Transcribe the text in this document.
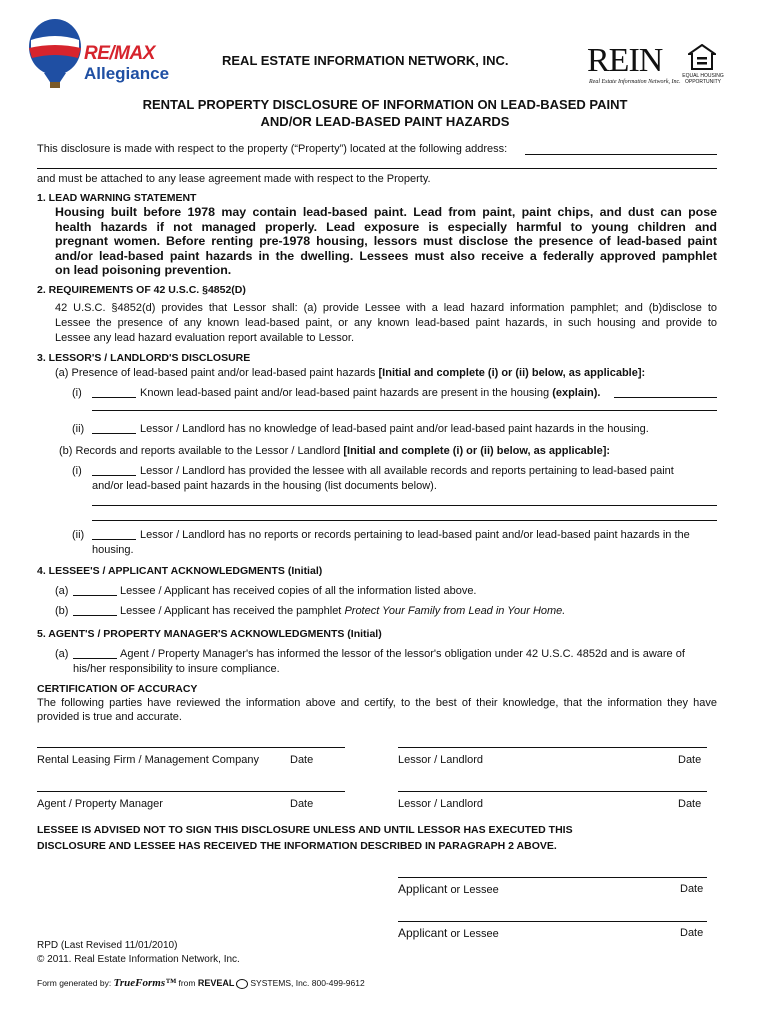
RE/MAX
Allegiance
REAL ESTATE INFORMATION NETWORK, INC. REIN
Real Estate Information Network, Inc.
EQUAL HOUSING OPPORTUNITY
RENTAL PROPERTY DISCLOSURE OF INFORMATION ON LEAD-BASED PAINT
AND/OR LEAD-BASED PAINT HAZARDS
This disclosure is made with respect to the property (“Property”) located at the following address:
and must be attached to any lease agreement made with respect to the Property.
1. LEAD WARNING STATEMENT
Housing built before 1978 may contain lead-based paint. Lead from paint, paint chips, and dust can pose
health hazards if not managed properly. Lead exposure is especially harmful to young children and
pregnant women. Before renting pre-1978 housing, lessors must disclose the presence of lead-based paint
and/or lead-based paint hazards in the dwelling. Lessees must also receive a federally approved pamphlet
on lead poisoning prevention.
2. REQUIREMENTS OF 42 U.S.C. §4852(D)
42 U.S.C. §4852(d) provides that Lessor shall: (a) provide Lessee with a lead hazard information pamphlet; and (b)disclose to
Lessee the presence of any known lead-based paint, or any known lead-based paint hazards, in such housing and provide to
Lessee any lead hazard evaluation report available to Lessor.
3. LESSOR'S / LANDLORD'S DISCLOSURE
(a) Presence of lead-based paint and/or lead-based paint hazards [Initial and complete (i) or (ii) below, as applicable]:
(i)	Known lead-based paint and/or lead-based paint hazards are present in the housing (explain).
(ii)	Lessor / Landlord has no knowledge of lead-based paint and/or lead-based paint hazards in the housing.
(b) Records and reports available to the Lessor / Landlord [Initial and complete (i) or (ii) below, as applicable]:
(i)	Lessor / Landlord has provided the lessee with all available records and reports pertaining to lead-based paint
and/or lead-based paint hazards in the housing (list documents below).
(ii)	Lessor / Landlord has no reports or records pertaining to lead-based paint and/or lead-based paint hazards in the
housing.
4. LESSEE'S / APPLICANT ACKNOWLEDGMENTS (Initial)
(a)	Lessee / Applicant has received copies of all the information listed above.
(b)	Lessee / Applicant has received the pamphlet Protect Your Family from Lead in Your Home.
5. AGENT'S / PROPERTY MANAGER'S ACKNOWLEDGMENTS (Initial)
(a)	Agent / Property Manager's has informed the lessor of the lessor's obligation under 42 U.S.C. 4852d and is aware of
his/her responsibility to insure compliance.
CERTIFICATION OF ACCURACY
The following parties have reviewed the information above and certify, to the best of their knowledge, that the information they have
provided is true and accurate.
Rental Leasing Firm / Management Company	Date	Lessor / Landlord	Date
Agent / Property Manager	Date	Lessor / Landlord	Date
LESSEE IS ADVISED NOT TO SIGN THIS DISCLOSURE UNLESS AND UNTIL LESSOR HAS EXECUTED THIS
DISCLOSURE AND LESSEE HAS RECEIVED THE INFORMATION DESCRIBED IN PARAGRAPH 2 ABOVE.
Applicant or Lessee	Date
Applicant or Lessee	Date
RPD (Last Revised 11/01/2010)
© 2011. Real Estate Information Network, Inc.
Form generated by: TrueForms™ from REVEAL SYSTEMS, Inc. 800-499-9612
